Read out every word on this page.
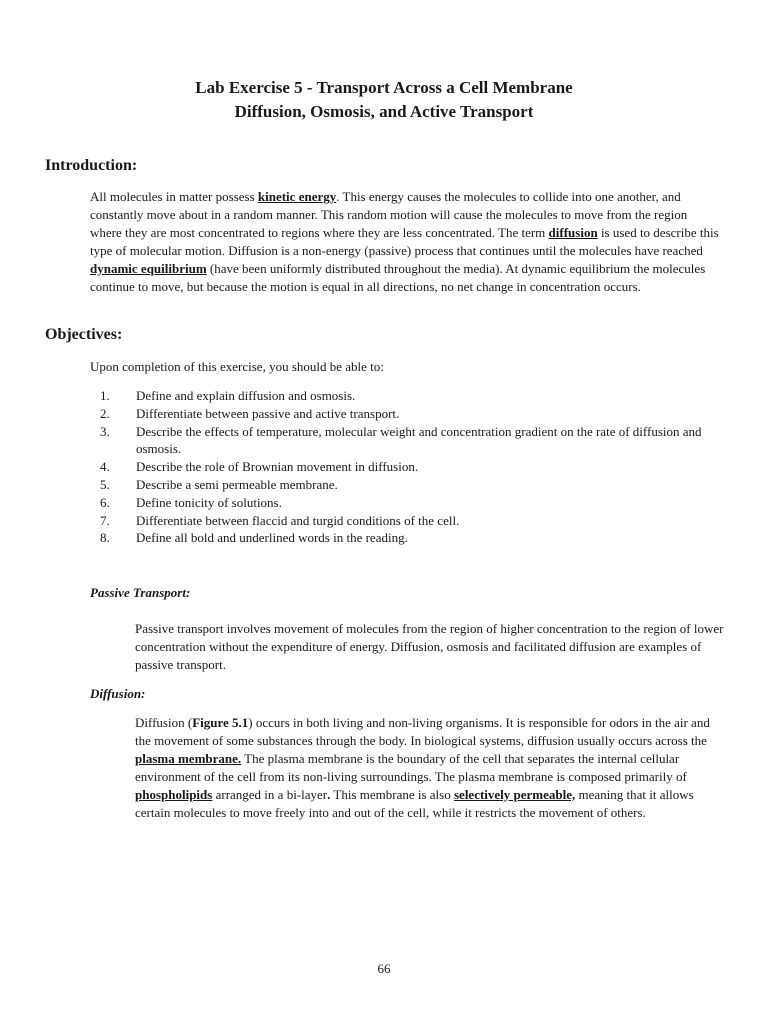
Lab Exercise 5 - Transport Across a Cell Membrane
Diffusion, Osmosis, and Active Transport
Introduction:

All molecules in matter possess kinetic energy. This energy causes the molecules to collide into one another, and constantly move about in a random manner. This random motion will cause the molecules to move from the region where they are most concentrated to regions where they are less concentrated. The term diffusion is used to describe this type of molecular motion. Diffusion is a non-energy (passive) process that continues until the molecules have reached dynamic equilibrium (have been uniformly distributed throughout the media). At dynamic equilibrium the molecules continue to move, but because the motion is equal in all directions, no net change in concentration occurs.

Objectives:

Upon completion of this exercise, you should be able to:

1. Define and explain diffusion and osmosis.
2. Differentiate between passive and active transport.
3. Describe the effects of temperature, molecular weight and concentration gradient on the rate of diffusion and osmosis.
4. Describe the role of Brownian movement in diffusion.
5. Describe a semi permeable membrane.
6. Define tonicity of solutions.
7. Differentiate between flaccid and turgid conditions of the cell.
8. Define all bold and underlined words in the reading.
Passive Transport:

Passive transport involves movement of molecules from the region of higher concentration to the region of lower concentration without the expenditure of energy. Diffusion, osmosis and facilitated diffusion are examples of passive transport.

Diffusion:

Diffusion (Figure 5.1) occurs in both living and non-living organisms. It is responsible for odors in the air and the movement of some substances through the body. In biological systems, diffusion usually occurs across the plasma membrane. The plasma membrane is the boundary of the cell that separates the internal cellular environment of the cell from its non-living surroundings. The plasma membrane is composed primarily of phospholipids arranged in a bi-layer. This membrane is also selectively permeable, meaning that it allows certain molecules to move freely into and out of the cell, while it restricts the movement of others.

66
